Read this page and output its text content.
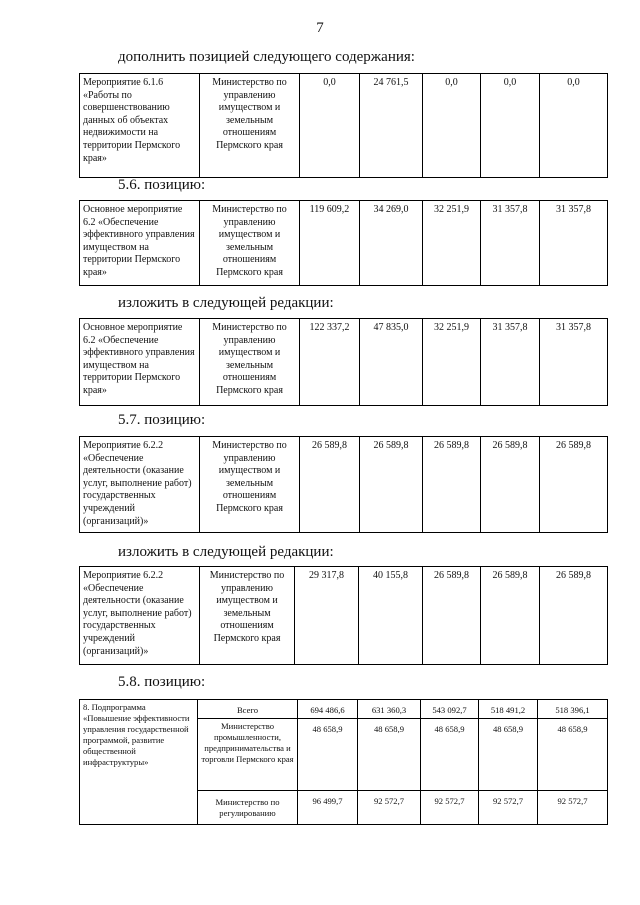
7
дополнить позицией следующего содержания:
Мероприятие 6.1.6 «Работы по совершенствованию данных об объектах недвижимости на территории Пермского края»	Министерство по управлению имуществом и земельным отношениям Пермского края	0,0	24 761,5	0,0	0,0	0,0
5.6. позицию:
Основное мероприятие 6.2 «Обеспечение эффективного управления имуществом на территории Пермского края»	Министерство по управлению имуществом и земельным отношениям Пермского края	119 609,2	34 269,0	32 251,9	31 357,8	31 357,8
изложить в следующей редакции:
Основное мероприятие 6.2 «Обеспечение эффективного управления имуществом на территории Пермского края»	Министерство по управлению имуществом и земельным отношениям Пермского края	122 337,2	47 835,0	32 251,9	31 357,8	31 357,8
5.7. позицию:
Мероприятие 6.2.2 «Обеспечение деятельности (оказание услуг, выполнение работ) государственных учреждений (организаций)»	Министерство по управлению имуществом и земельным отношениям Пермского края	26 589,8	26 589,8	26 589,8	26 589,8	26 589,8
изложить в следующей редакции:
Мероприятие 6.2.2 «Обеспечение деятельности (оказание услуг, выполнение работ) государственных учреждений (организаций)»	Министерство по управлению имуществом и земельным отношениям Пермского края	29 317,8	40 155,8	26 589,8	26 589,8	26 589,8
5.8. позицию:
8. Подпрограмма «Повышение эффективности управления государственной программой, развитие общественной инфраструктуры»	Всего	694 486,6	631 360,3	543 092,7	518 491,2	518 396,1
	Министерство промышленности, предпринимательства и торговли Пермского края	48 658,9	48 658,9	48 658,9	48 658,9	48 658,9
	Министерство по регулированию	96 499,7	92 572,7	92 572,7	92 572,7	92 572,7
